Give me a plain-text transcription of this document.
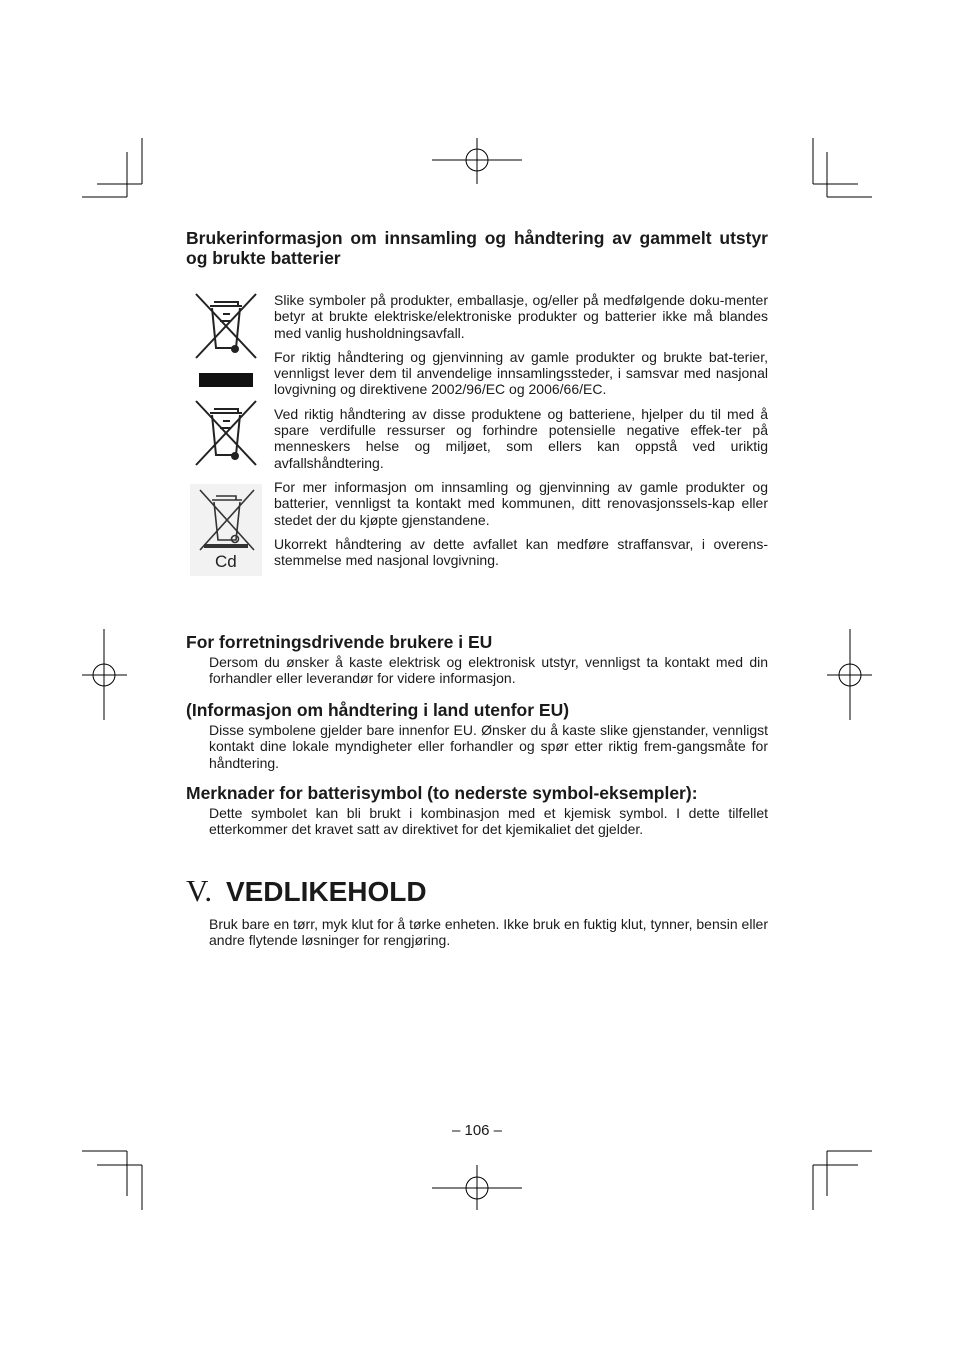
Brukerinformasjon om innsamling og håndtering av gammelt utstyr og brukte batterier
Cd

Slike symboler på produkter, emballasje, og/eller på medfølgende doku-menter betyr at brukte elektriske/elektroniske produkter og batterier ikke må blandes med vanlig husholdningsavfall.

For riktig håndtering og gjenvinning av gamle produkter og brukte bat-terier, vennligst lever dem til anvendelige innsamlingssteder, i samsvar med nasjonal lovgivning og direktivene 2002/96/EC og 2006/66/EC.

Ved riktig håndtering av disse produktene og batteriene, hjelper du til med å spare verdifulle ressurser og forhindre potensielle negative effek-ter på menneskers helse og miljøet, som ellers kan oppstå ved uriktig avfallshåndtering.

For mer informasjon om innsamling og gjenvinning av gamle produkter og batterier, vennligst ta kontakt med kommunen, ditt renovasjonssels-kap eller stedet der du kjøpte gjenstandene.

Ukorrekt håndtering av dette avfallet kan medføre straffansvar, i overens-stemmelse med nasjonal lovgivning.

For forretningsdrivende brukere i EU

Dersom du ønsker å kaste elektrisk og elektronisk utstyr, vennligst ta kontakt med din forhandler eller leverandør for videre informasjon.

(Informasjon om håndtering i land utenfor EU)

Disse symbolene gjelder bare innenfor EU. Ønsker du å kaste slike gjenstander, vennligst kontakt dine lokale myndigheter eller forhandler og spør etter riktig frem-gangsmåte for håndtering.

Merknader for batterisymbol (to nederste symbol-eksempler):

Dette symbolet kan bli brukt i kombinasjon med et kjemisk symbol. I dette tilfellet etterkommer det kravet satt av direktivet for det kjemikaliet det gjelder.

V. VEDLIKEHOLD

Bruk bare en tørr, myk klut for å tørke enheten. Ikke bruk en fuktig klut, tynner, bensin eller andre flytende løsninger for rengjøring.

– 106 –
